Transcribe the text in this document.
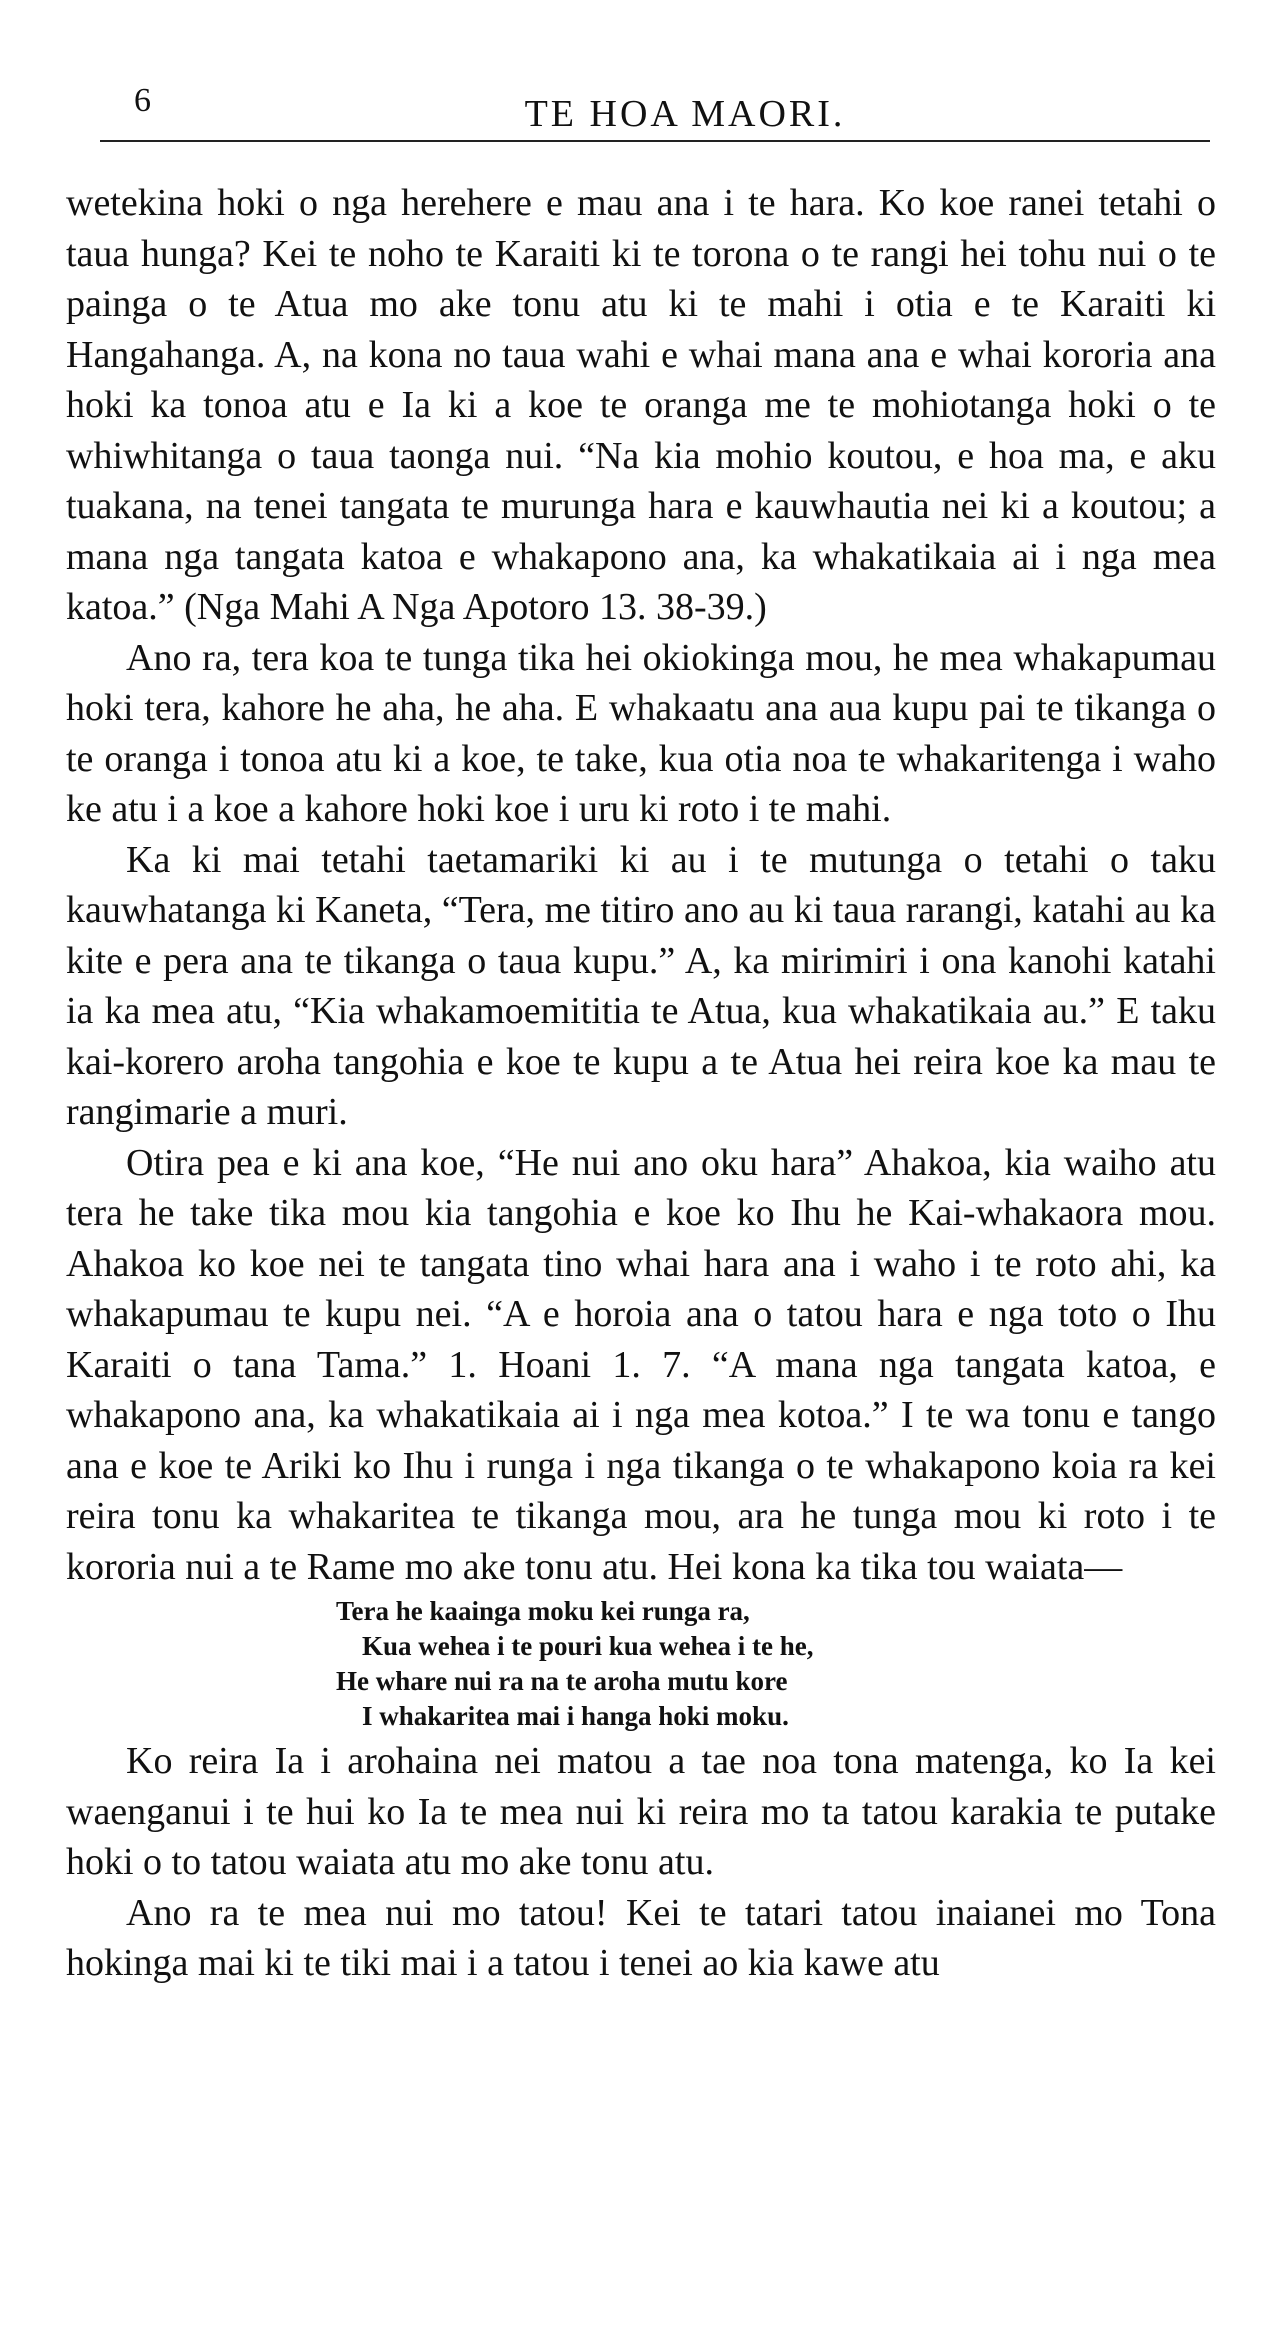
6	TE HOA MAORI.

wetekina hoki o nga herehere e mau ana i te hara. Ko koe ranei tetahi o taua hunga? Kei te noho te Karaiti ki te torona o te rangi hei tohu nui o te painga o te Atua mo ake tonu atu ki te mahi i otia e te Karaiti ki Hangahanga. A, na kona no taua wahi e whai mana ana e whai kororia ana hoki ka tonoa atu e Ia ki a koe te oranga me te mohiotanga hoki o te whiwhitanga o taua taonga nui. “Na kia mohio koutou, e hoa ma, e aku tuakana, na tenei tangata te murunga hara e kauwhautia nei ki a koutou; a mana nga tangata katoa e whakapono ana, ka whakatikaia ai i nga mea katoa.” (Nga Mahi A Nga Apotoro 13. 38-39.)

Ano ra, tera koa te tunga tika hei okiokinga mou, he mea whakapumau hoki tera, kahore he aha, he aha. E whakaatu ana aua kupu pai te tikanga o te oranga i tonoa atu ki a koe, te take, kua otia noa te whakaritenga i waho ke atu i a koe a kahore hoki koe i uru ki roto i te mahi.

Ka ki mai tetahi taetamariki ki au i te mutunga o tetahi o taku kauwhatanga ki Kaneta, “Tera, me titiro ano au ki taua rarangi, katahi au ka kite e pera ana te tikanga o taua kupu.” A, ka mirimiri i ona kanohi katahi ia ka mea atu, “Kia whakamoemititia te Atua, kua whakatikaia au.” E taku kai-korero aroha tangohia e koe te kupu a te Atua hei reira koe ka mau te rangimarie a muri.

Otira pea e ki ana koe, “He nui ano oku hara” Ahakoa, kia waiho atu tera he take tika mou kia tangohia e koe ko Ihu he Kai-whakaora mou. Ahakoa ko koe nei te tangata tino whai hara ana i waho i te roto ahi, ka whakapumau te kupu nei. “A e horoia ana o tatou hara e nga toto o Ihu Karaiti o tana Tama.” 1. Hoani 1. 7. “A mana nga tangata katoa, e whakapono ana, ka whakatikaia ai i nga mea kotoa.” I te wa tonu e tango ana e koe te Ariki ko Ihu i runga i nga tikanga o te whakapono koia ra kei reira tonu ka whakaritea te tikanga mou, ara he tunga mou ki roto i te kororia nui a te Rame mo ake tonu atu. Hei kona ka tika tou waiata—

Tera he kaainga moku kei runga ra,
Kua wehea i te pouri kua wehea i te he,
He whare nui ra na te aroha mutu kore
I whakaritea mai i hanga hoki moku.

Ko reira Ia i arohaina nei matou a tae noa tona matenga, ko Ia kei waenganui i te hui ko Ia te mea nui ki reira mo ta tatou karakia te putake hoki o to tatou waiata atu mo ake tonu atu.

Ano ra te mea nui mo tatou! Kei te tatari tatou inaianei mo Tona hokinga mai ki te tiki mai i a tatou i tenei ao kia kawe atu
